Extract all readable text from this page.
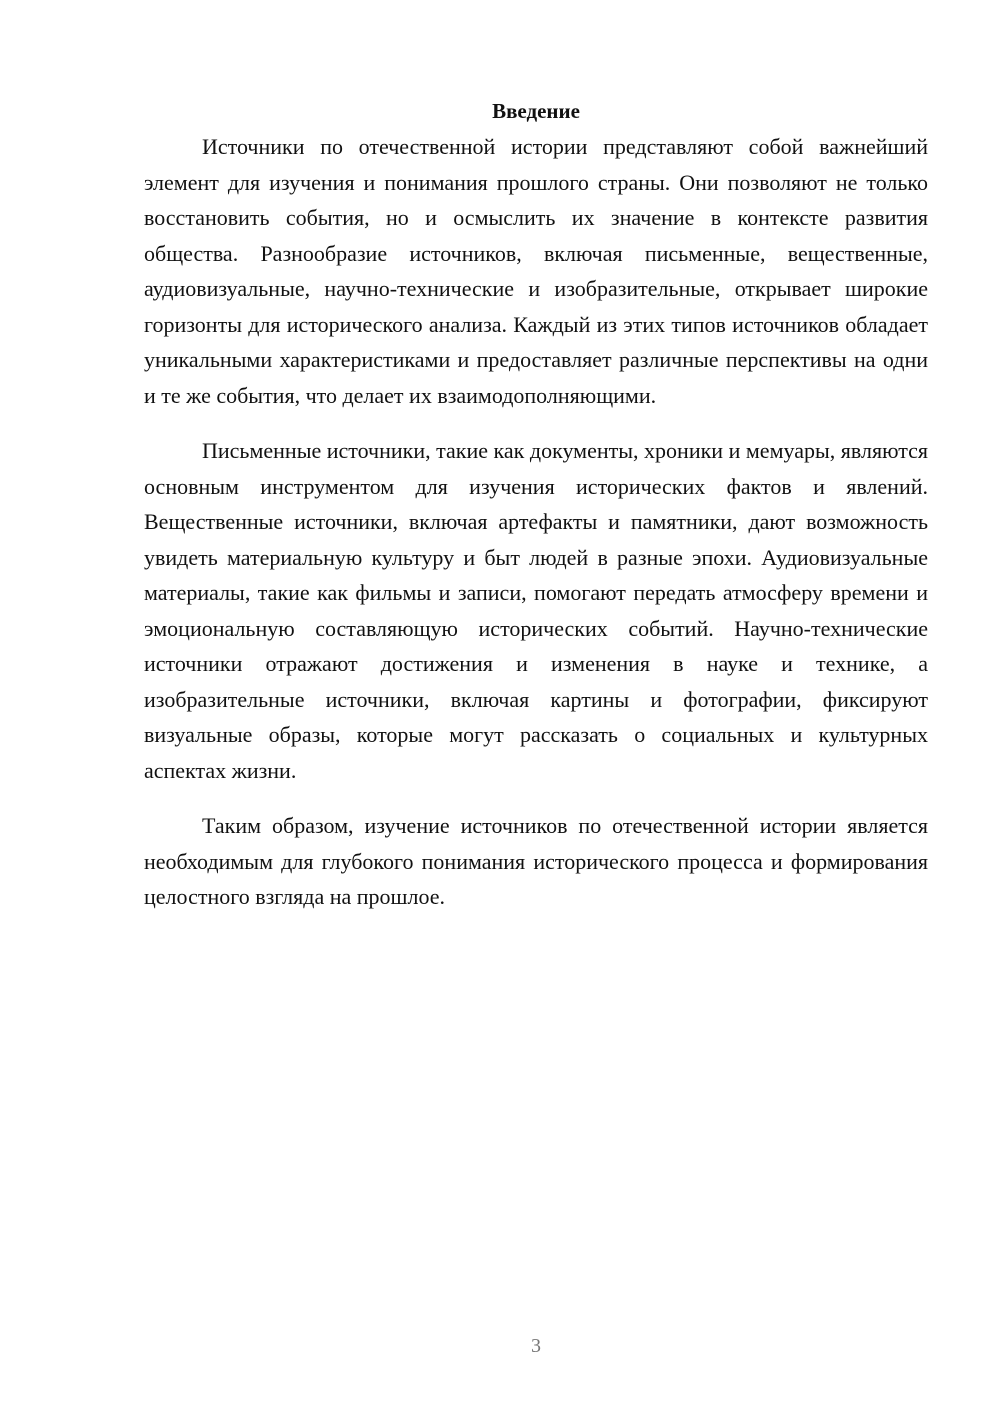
Введение

Источники по отечественной истории представляют собой важнейший элемент для изучения и понимания прошлого страны. Они позволяют не только восстановить события, но и осмыслить их значение в контексте развития общества. Разнообразие источников, включая письменные, вещественные, аудиовизуальные, научно-технические и изобразительные, открывает широкие горизонты для исторического анализа. Каждый из этих типов источников обладает уникальными характеристиками и предоставляет различные перспективы на одни и те же события, что делает их взаимодополняющими.

Письменные источники, такие как документы, хроники и мемуары, являются основным инструментом для изучения исторических фактов и явлений. Вещественные источники, включая артефакты и памятники, дают возможность увидеть материальную культуру и быт людей в разные эпохи. Аудиовизуальные материалы, такие как фильмы и записи, помогают передать атмосферу времени и эмоциональную составляющую исторических событий. Научно-технические источники отражают достижения и изменения в науке и технике, а изобразительные источники, включая картины и фотографии, фиксируют визуальные образы, которые могут рассказать о социальных и культурных аспектах жизни.

Таким образом, изучение источников по отечественной истории является необходимым для глубокого понимания исторического процесса и формирования целостного взгляда на прошлое.

3
